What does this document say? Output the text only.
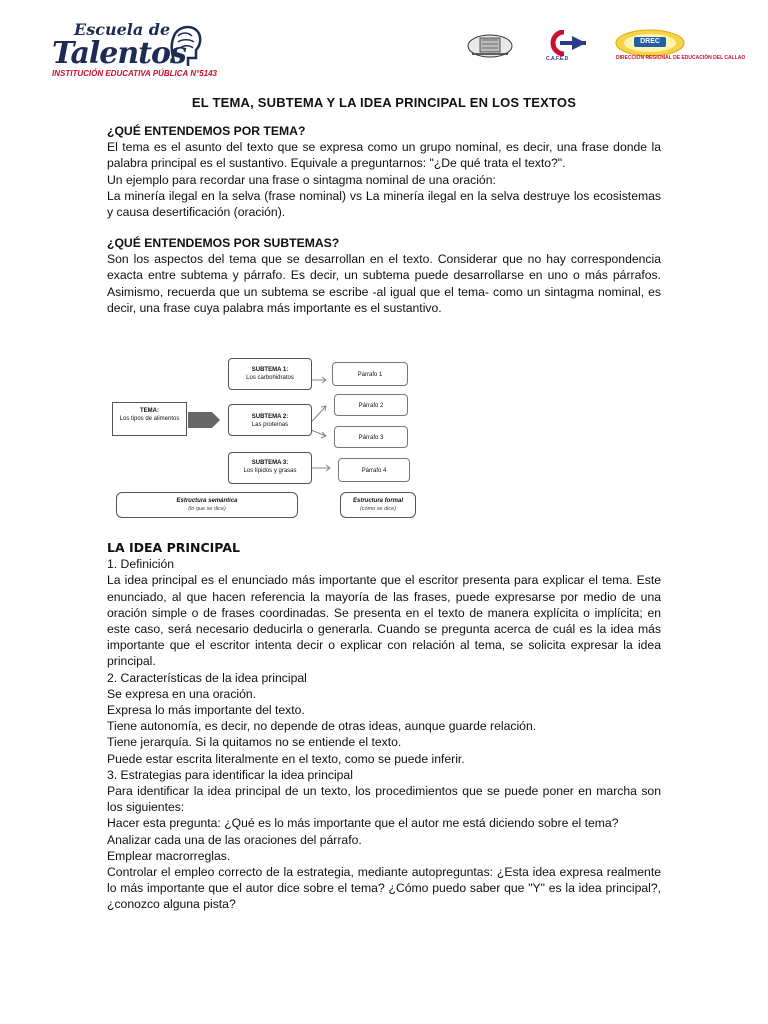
Escuela de
Talentos
INSTITUCIÓN EDUCATIVA PÚBLICA N°5143
C.A.F.E.D
DREC
DIRECCIÓN REGIONAL DE EDUCACIÓN DEL CALLAO
EL TEMA, SUBTEMA Y LA IDEA PRINCIPAL EN LOS TEXTOS

¿QUÉ ENTENDEMOS POR TEMA?

El tema es el asunto del texto que se expresa como un grupo nominal, es decir, una frase donde la palabra principal es el sustantivo. Equivale a preguntarnos: "¿De qué trata el texto?".

Un ejemplo para recordar una frase o sintagma nominal de una oración:

La minería ilegal en la selva (frase nominal) vs La minería ilegal en la selva destruye los ecosistemas y causa desertificación (oración).

¿QUÉ ENTENDEMOS POR SUBTEMAS?

Son los aspectos del tema que se desarrollan en el texto. Considerar que no hay correspondencia exacta entre subtema y párrafo. Es decir, un subtema puede desarrollarse en uno o más párrafos. Asimismo, recuerda que un subtema se escribe -al igual que el tema- como un sintagma nominal, es decir, una frase cuya palabra más importante es el sustantivo.

TEMA:
Los tipos de alimentos
SUBTEMA 1:
Los carbohidratos
SUBTEMA 2:
Las proteínas
SUBTEMA 3:
Los lípidos y grasas
Párrafo 1
Párrafo 2
Párrafo 3
Párrafo 4
Estructura semántica
(lo que se dice)
Estructura formal
(cómo se dice)

LA IDEA PRINCIPAL

1. Definición

La idea principal es el enunciado más importante que el escritor presenta para explicar el tema. Este enunciado, al que hacen referencia la mayoría de las frases, puede expresarse por medio de una oración simple o de frases coordinadas. Se presenta en el texto de manera explícita o implícita; en este caso, será necesario deducirla o generarla. Cuando se pregunta acerca de cuál es la idea más importante que el escritor intenta decir o explicar con relación al tema, se solicita expresar la idea principal.

2. Características de la idea principal

Se expresa en una oración.

Expresa lo más importante del texto.

Tiene autonomía, es decir, no depende de otras ideas, aunque guarde relación.

Tiene jerarquía. Si la quitamos no se entiende el texto.

Puede estar escrita literalmente en el texto, como se puede inferir.

3. Estrategias para identificar la idea principal

Para identificar la idea principal de un texto, los procedimientos que se puede poner en marcha son los siguientes:

Hacer esta pregunta: ¿Qué es lo más importante que el autor me está diciendo sobre el tema?

Analizar cada una de las oraciones del párrafo.

Emplear macrorreglas.

Controlar el empleo correcto de la estrategia, mediante autopreguntas: ¿Esta idea expresa realmente lo más importante que el autor dice sobre el tema? ¿Cómo puedo saber que "Y" es la idea principal?, ¿conozco alguna pista?
